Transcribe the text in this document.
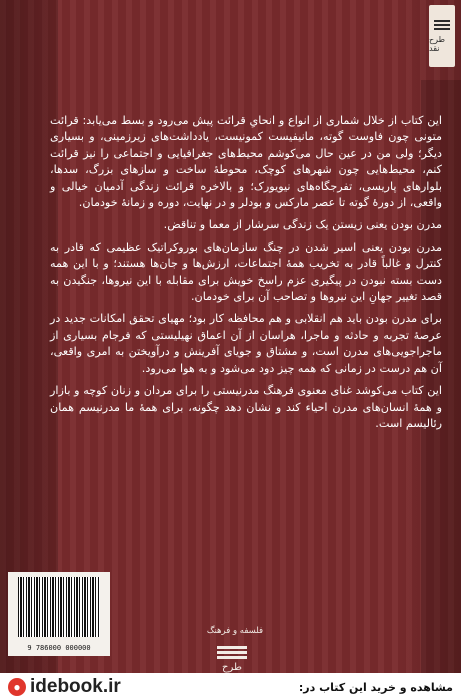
طرح نقد

این کتاب از خلال شماری از انواع و انحایِ قرائت پیش می‌رود و بسط می‌یابد: قرائت متونی چون فاوست گوته، مانیفیست کمونیست، یادداشت‌های زیرزمینی، و بسیاری دیگر؛ ولی من در عین حال می‌کوشم محیط‌های جغرافیایی و اجتماعی را نیز قرائت کنم، محیط‌هایی چون شهرهای کوچک، محوطهٔ ساخت و سازهای بزرگ، سدها، بلوارهای پاریسی، تفرجگاه‌های نیویورک؛ و بالاخره قرائت زندگی آدمیان خیالی و واقعی، از دورهٔ گوته تا عصر مارکس و بودلر و در نهایت، دوره و زمانهٔ خودمان.

مدرن بودن یعنی زیستن یک زندگی سرشار از معما و تناقض.

مدرن بودن یعنی اسیر شدن در چنگ سازمان‌های بوروکراتیک عظیمی که قادر به کنترل و غالباً قادر به تخریب همهٔ اجتماعات، ارزش‌ها و جان‌ها هستند؛ و با این همه دست بسته نبودن در پیگیری عزم راسخ خویش برای مقابله با این نیروها، جنگیدن به قصد تغییر جهانِ این نیروها و تصاحب آن برای خودمان.

برای مدرن بودن باید هم انقلابی و هم محافظه کار بود؛ مهیای تحقق امکانات جدید در عرصهٔ تجربه و حادثه و ماجرا، هراسان از آن اعماق نهیلیستی که فرجام بسیاری از ماجراجویی‌های مدرن است، و مشتاق و جویای آفرینش و درآویختن به امری واقعی، آن هم درست در زمانی که همه چیز دود می‌شود و به هوا می‌رود.

این کتاب می‌کوشد غنای معنوی فرهنگ مدرنیستی را برای مردان و زنان کوچه و بازار و همهٔ انسان‌های مدرن احیاء کند و نشان دهد چگونه، برای همهٔ ما مدرنیسم همان رئالیسم است.

9 786000 000000
فلسفه و فرهنگ
طرح
● idebook.ir	مشاهده و خرید این کتاب در:
